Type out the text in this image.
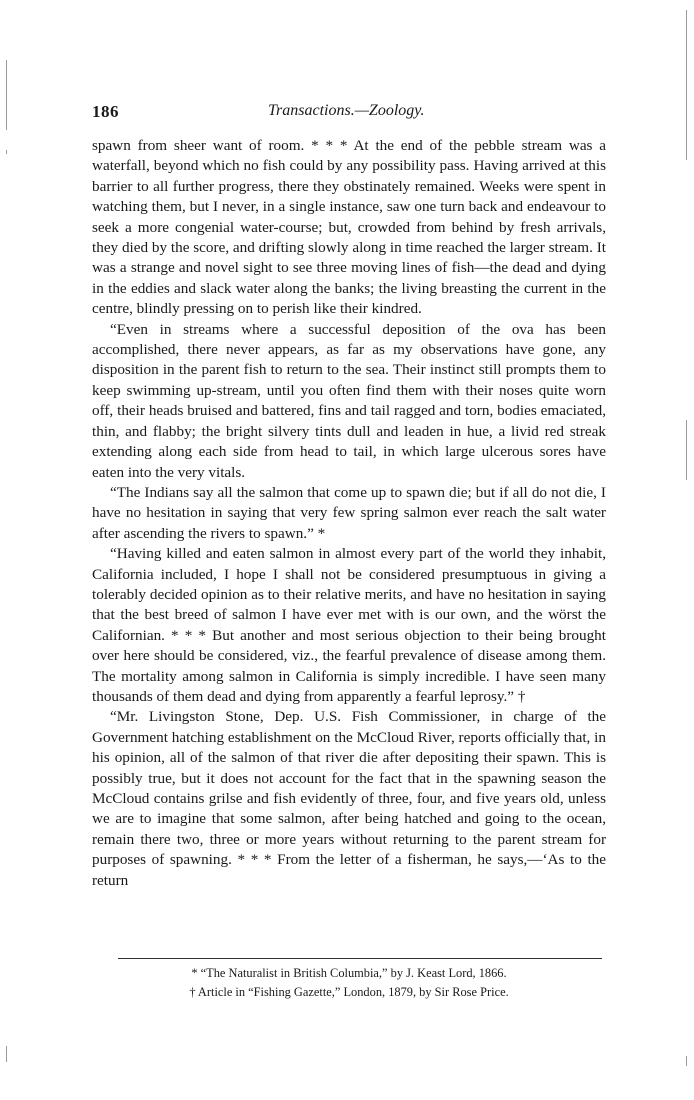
186	Transactions.—Zoology.

spawn from sheer want of room. * * * At the end of the pebble stream was a waterfall, beyond which no fish could by any possibility pass. Having arrived at this barrier to all further progress, there they obstinately remained. Weeks were spent in watching them, but I never, in a single instance, saw one turn back and endeavour to seek a more congenial water-course; but, crowded from behind by fresh arrivals, they died by the score, and drifting slowly along in time reached the larger stream. It was a strange and novel sight to see three moving lines of fish—the dead and dying in the eddies and slack water along the banks; the living breasting the current in the centre, blindly pressing on to perish like their kindred.

“Even in streams where a successful deposition of the ova has been accomplished, there never appears, as far as my observations have gone, any disposition in the parent fish to return to the sea. Their instinct still prompts them to keep swimming up-stream, until you often find them with their noses quite worn off, their heads bruised and battered, fins and tail ragged and torn, bodies emaciated, thin, and flabby; the bright silvery tints dull and leaden in hue, a livid red streak extending along each side from head to tail, in which large ulcerous sores have eaten into the very vitals.

“The Indians say all the salmon that come up to spawn die; but if all do not die, I have no hesitation in saying that very few spring salmon ever reach the salt water after ascending the rivers to spawn.” *

“Having killed and eaten salmon in almost every part of the world they inhabit, California included, I hope I shall not be considered presumptuous in giving a tolerably decided opinion as to their relative merits, and have no hesitation in saying that the best breed of salmon I have ever met with is our own, and the wörst the Californian. * * * But another and most serious objection to their being brought over here should be considered, viz., the fearful prevalence of disease among them. The mortality among salmon in California is simply incredible. I have seen many thousands of them dead and dying from apparently a fearful leprosy.” †

“Mr. Livingston Stone, Dep. U.S. Fish Commissioner, in charge of the Government hatching establishment on the McCloud River, reports officially that, in his opinion, all of the salmon of that river die after depositing their spawn. This is possibly true, but it does not account for the fact that in the spawning season the McCloud contains grilse and fish evidently of three, four, and five years old, unless we are to imagine that some salmon, after being hatched and going to the ocean, remain there two, three or more years without returning to the parent stream for purposes of spawning. * * * From the letter of a fisherman, he says,—‘As to the return

* “The Naturalist in British Columbia,” by J. Keast Lord, 1866.

† Article in “Fishing Gazette,” London, 1879, by Sir Rose Price.
